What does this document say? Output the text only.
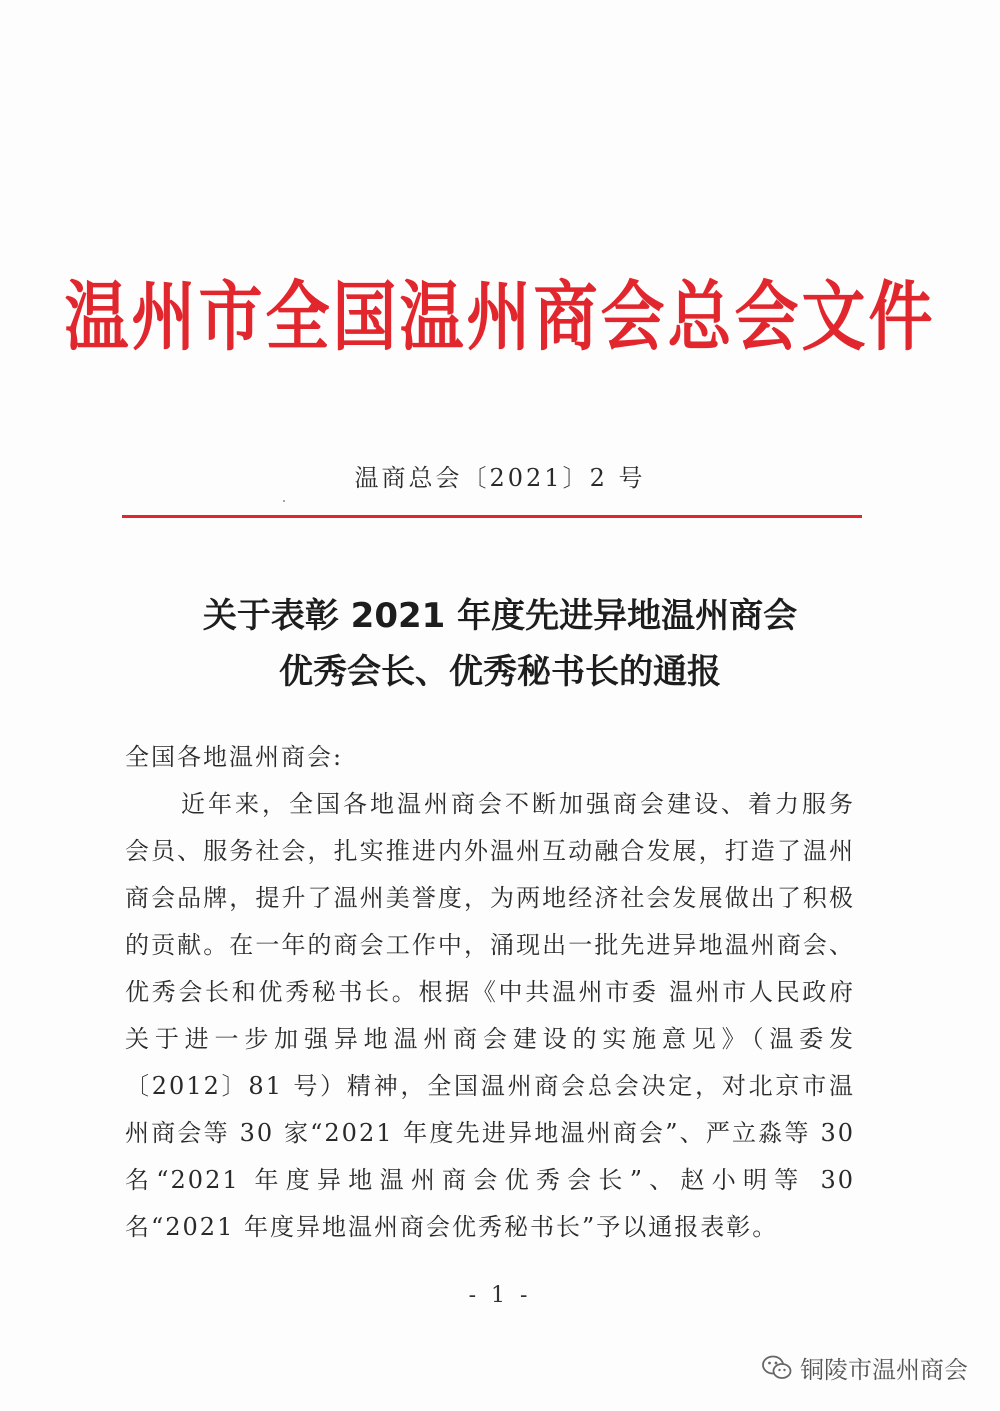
温州市全国温州商会总会文件
温商总会〔2021〕2 号
关于表彰 2021 年度先进异地温州商会
优秀会长、优秀秘书长的通报

全国各地温州商会:

近年来，全国各地温州商会不断加强商会建设、着力服务会员、服务社会，扎实推进内外温州互动融合发展，打造了温州商会品牌，提升了温州美誉度，为两地经济社会发展做出了积极的贡献。在一年的商会工作中，涌现出一批先进异地温州商会、优秀会长和优秀秘书长。根据《中共温州市委 温州市人民政府关于进一步加强异地温州商会建设的实施意见》（温委发〔2012〕81 号）精神，全国温州商会总会决定，对北京市温州商会等 30 家“2021 年度先进异地温州商会”、严立淼等 30 名“2021 年度异地温州商会优秀会长”、赵小明等 30 名“2021 年度异地温州商会优秀秘书长”予以通报表彰。

- 1 -
铜陵市温州商会
